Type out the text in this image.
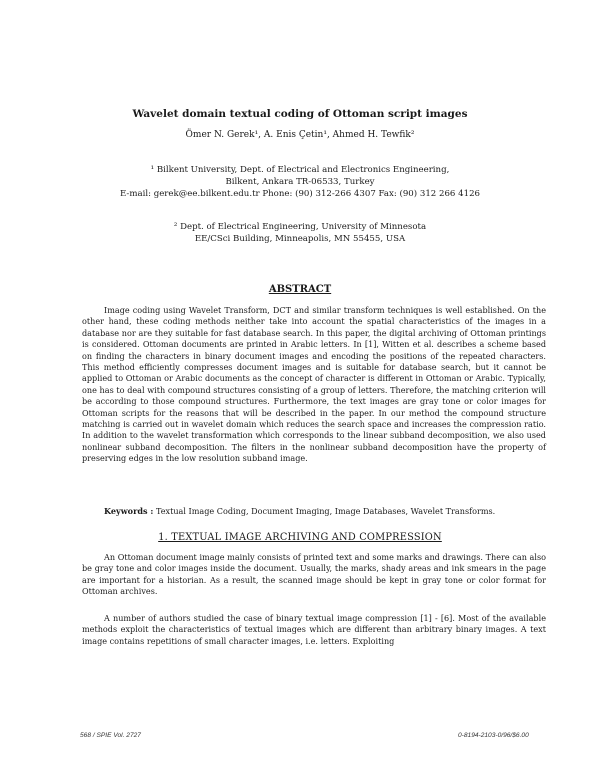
Wavelet domain textual coding of Ottoman script images
Ömer N. Gerek¹, A. Enis Çetin¹, Ahmed H. Tewfik²
¹ Bilkent University, Dept. of Electrical and Electronics Engineering,
Bilkent, Ankara TR-06533, Turkey
E-mail: gerek@ee.bilkent.edu.tr Phone: (90) 312-266 4307 Fax: (90) 312 266 4126
² Dept. of Electrical Engineering, University of Minnesota
EE/CSci Building, Minneapolis, MN 55455, USA
ABSTRACT
Image coding using Wavelet Transform, DCT and similar transform techniques is well established. On the other hand, these coding methods neither take into account the spatial characteristics of the images in a database nor are they suitable for fast database search. In this paper, the digital archiving of Ottoman printings is considered. Ottoman documents are printed in Arabic letters. In [1], Witten et al. describes a scheme based on finding the characters in binary document images and encoding the positions of the repeated characters. This method efficiently compresses document images and is suitable for database search, but it cannot be applied to Ottoman or Arabic documents as the concept of character is different in Ottoman or Arabic. Typically, one has to deal with compound structures consisting of a group of letters. Therefore, the matching criterion will be according to those compound structures. Furthermore, the text images are gray tone or color images for Ottoman scripts for the reasons that will be described in the paper. In our method the compound structure matching is carried out in wavelet domain which reduces the search space and increases the compression ratio. In addition to the wavelet transformation which corresponds to the linear subband decomposition, we also used nonlinear subband decomposition. The filters in the nonlinear subband decomposition have the property of preserving edges in the low resolution subband image.
Keywords : Textual Image Coding, Document Imaging, Image Databases, Wavelet Transforms.
1. TEXTUAL IMAGE ARCHIVING AND COMPRESSION
An Ottoman document image mainly consists of printed text and some marks and drawings. There can also be gray tone and color images inside the document. Usually, the marks, shady areas and ink smears in the page are important for a historian. As a result, the scanned image should be kept in gray tone or color format for Ottoman archives.
A number of authors studied the case of binary textual image compression [1] - [6]. Most of the available methods exploit the characteristics of textual images which are different than arbitrary binary images. A text image contains repetitions of small character images, i.e. letters. Exploiting
568 / SPIE Vol. 2727	0-8194-2103-0/96/$6.00
